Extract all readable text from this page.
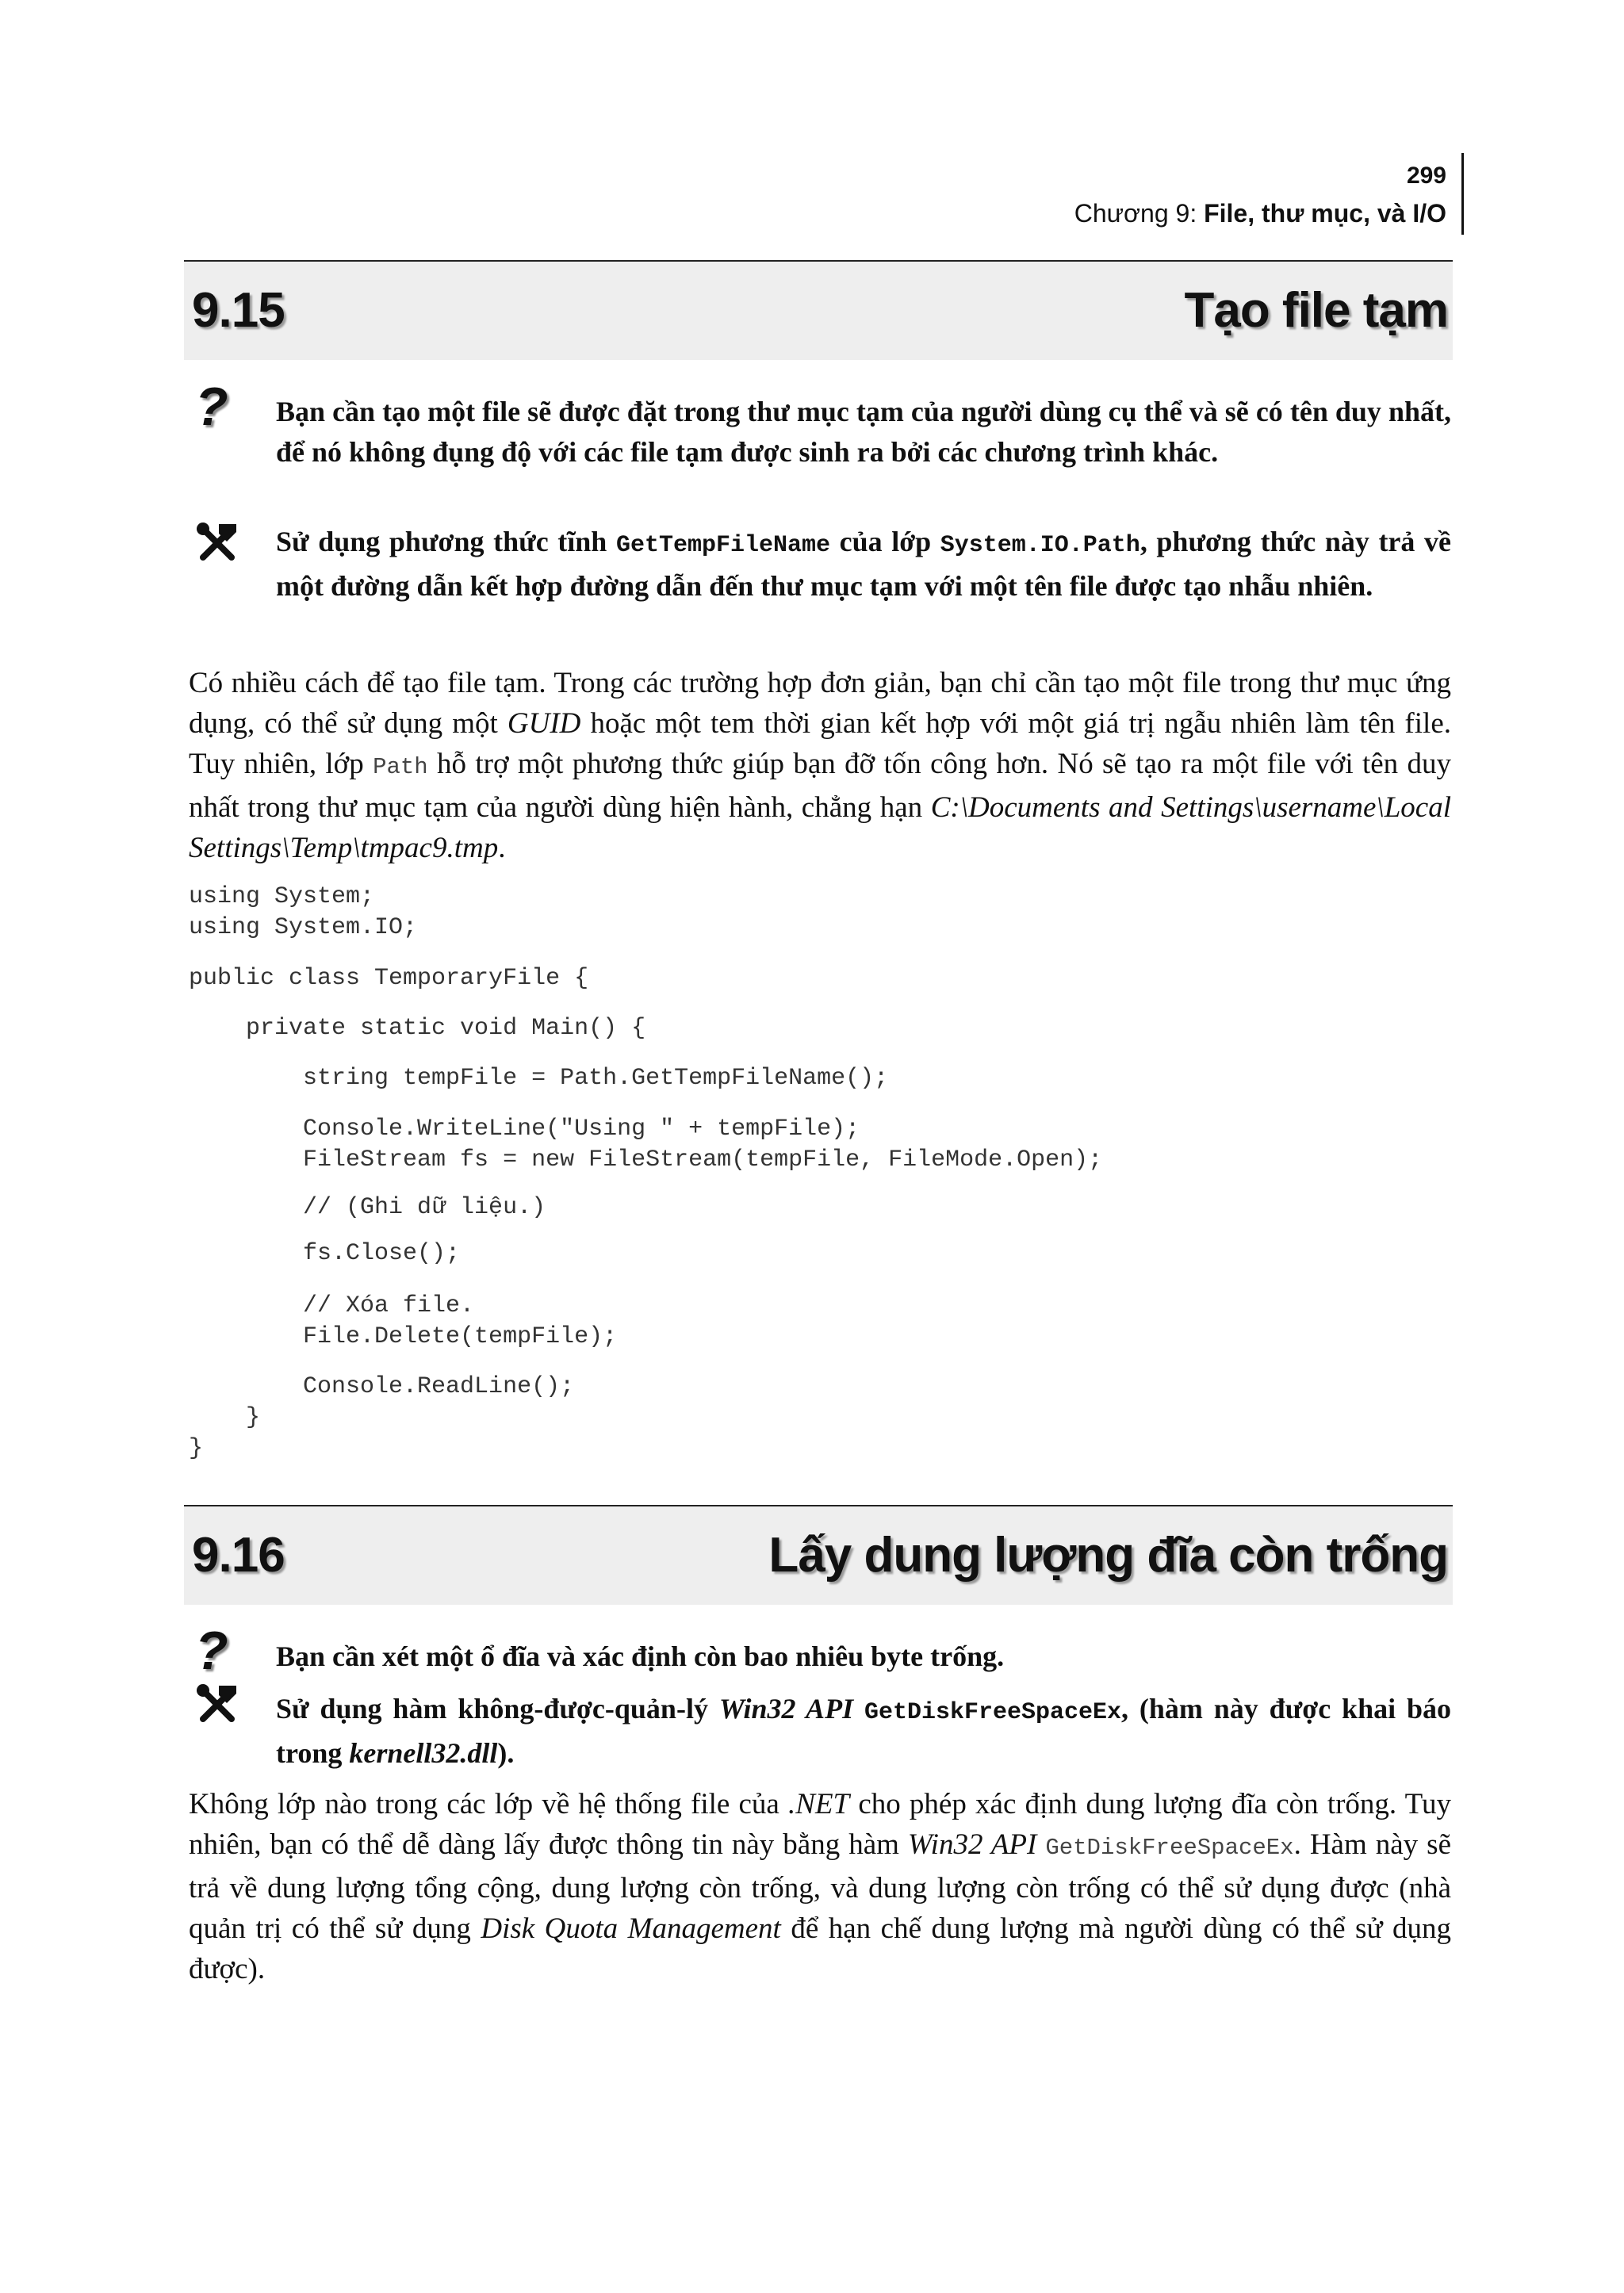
299
Chương 9: File, thư mục, và I/O
9.15	Tạo file tạm
?	Bạn cần tạo một file sẽ được đặt trong thư mục tạm của người dùng cụ thể và sẽ có tên duy nhất, để nó không đụng độ với các file tạm được sinh ra bởi các chương trình khác.
Sử dụng phương thức tĩnh GetTempFileName của lớp System.IO.Path, phương thức này trả về một đường dẫn kết hợp đường dẫn đến thư mục tạm với một tên file được tạo nhẫu nhiên.
Có nhiều cách để tạo file tạm. Trong các trường hợp đơn giản, bạn chỉ cần tạo một file trong thư mục ứng dụng, có thể sử dụng một GUID hoặc một tem thời gian kết hợp với một giá trị ngẫu nhiên làm tên file. Tuy nhiên, lớp Path hỗ trợ một phương thức giúp bạn đỡ tốn công hơn. Nó sẽ tạo ra một file với tên duy nhất trong thư mục tạm của người dùng hiện hành, chẳng hạn C:\Documents and Settings\username\Local Settings\Temp\tmpac9.tmp.
using System;
using System.IO;
public class TemporaryFile {
private static void Main() {
string tempFile = Path.GetTempFileName();
Console.WriteLine("Using " + tempFile);
FileStream fs = new FileStream(tempFile, FileMode.Open);
// (Ghi dữ liệu.)
fs.Close();
// Xóa file.
File.Delete(tempFile);
Console.ReadLine();
}
}
9.16	Lấy dung lượng đĩa còn trống
?	Bạn cần xét một ổ đĩa và xác định còn bao nhiêu byte trống.
Sử dụng hàm không-được-quản-lý Win32 API GetDiskFreeSpaceEx, (hàm này được khai báo trong kernell32.dll).
Không lớp nào trong các lớp về hệ thống file của .NET cho phép xác định dung lượng đĩa còn trống. Tuy nhiên, bạn có thể dễ dàng lấy được thông tin này bằng hàm Win32 API GetDiskFreeSpaceEx. Hàm này sẽ trả về dung lượng tổng cộng, dung lượng còn trống, và dung lượng còn trống có thể sử dụng được (nhà quản trị có thể sử dụng Disk Quota Management để hạn chế dung lượng mà người dùng có thể sử dụng được).
